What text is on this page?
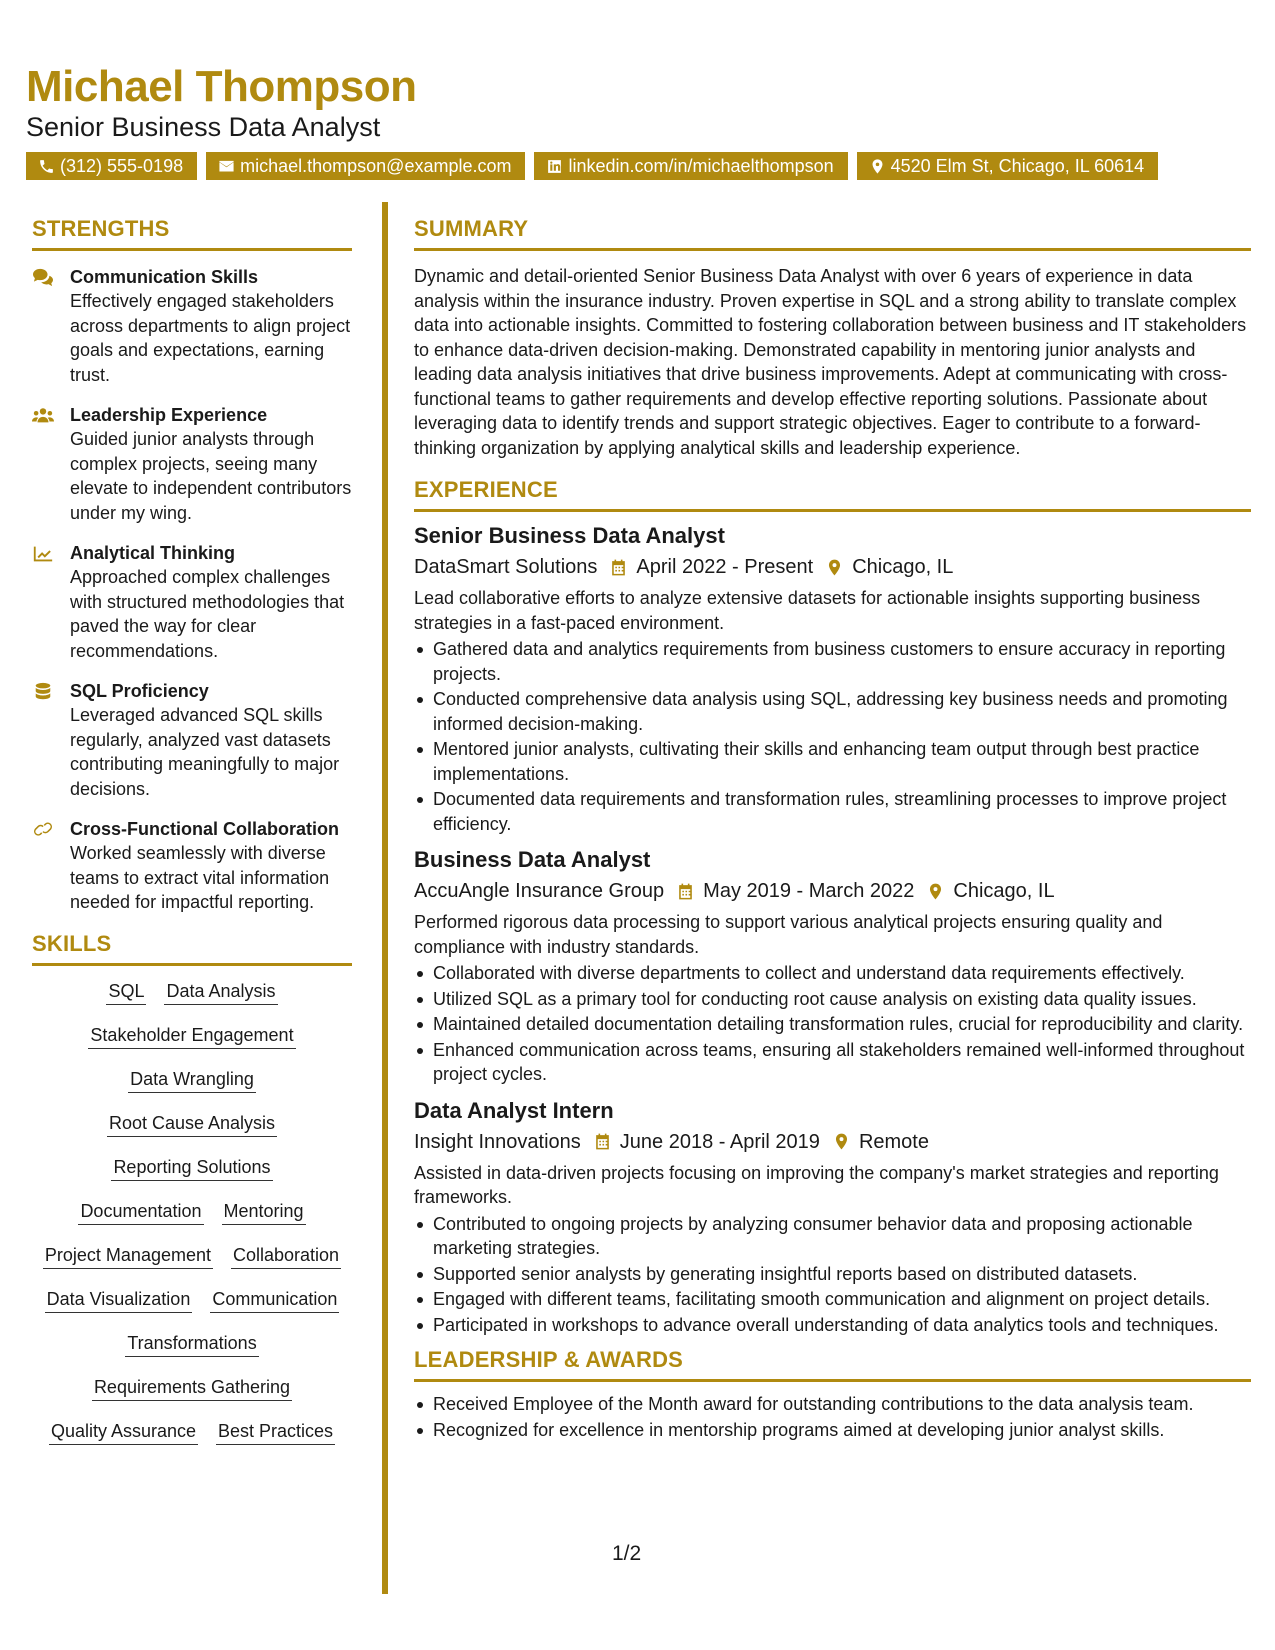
Michael Thompson
Senior Business Data Analyst
(312) 555-0198	michael.thompson@example.com	linkedin.com/in/michaelthompson	4520 Elm St, Chicago, IL 60614
STRENGTHS
Communication Skills
Effectively engaged stakeholders across departments to align project goals and expectations, earning trust.
Leadership Experience
Guided junior analysts through complex projects, seeing many elevate to independent contributors under my wing.
Analytical Thinking
Approached complex challenges with structured methodologies that paved the way for clear recommendations.
SQL Proficiency
Leveraged advanced SQL skills regularly, analyzed vast datasets contributing meaningfully to major decisions.
Cross-Functional Collaboration
Worked seamlessly with diverse teams to extract vital information needed for impactful reporting.
SKILLS
SQL Data Analysis
Stakeholder Engagement
Data Wrangling
Root Cause Analysis
Reporting Solutions
Documentation Mentoring
Project Management Collaboration
Data Visualization Communication
Transformations
Requirements Gathering
Quality Assurance Best Practices
SUMMARY

Dynamic and detail-oriented Senior Business Data Analyst with over 6 years of experience in data analysis within the insurance industry. Proven expertise in SQL and a strong ability to translate complex data into actionable insights. Committed to fostering collaboration between business and IT stakeholders to enhance data-driven decision-making. Demonstrated capability in mentoring junior analysts and leading data analysis initiatives that drive business improvements. Adept at communicating with cross-functional teams to gather requirements and develop effective reporting solutions. Passionate about leveraging data to identify trends and support strategic objectives. Eager to contribute to a forward-thinking organization by applying analytical skills and leadership experience.

EXPERIENCE
Senior Business Data Analyst
DataSmart Solutions April 2022 - Present Chicago, IL

Lead collaborative efforts to analyze extensive datasets for actionable insights supporting business strategies in a fast-paced environment.

Gathered data and analytics requirements from business customers to ensure accuracy in reporting projects.
Conducted comprehensive data analysis using SQL, addressing key business needs and promoting informed decision-making.
Mentored junior analysts, cultivating their skills and enhancing team output through best practice implementations.
Documented data requirements and transformation rules, streamlining processes to improve project efficiency.
Business Data Analyst
AccuAngle Insurance Group May 2019 - March 2022 Chicago, IL

Performed rigorous data processing to support various analytical projects ensuring quality and compliance with industry standards.

Collaborated with diverse departments to collect and understand data requirements effectively.
Utilized SQL as a primary tool for conducting root cause analysis on existing data quality issues.
Maintained detailed documentation detailing transformation rules, crucial for reproducibility and clarity.
Enhanced communication across teams, ensuring all stakeholders remained well-informed throughout project cycles.
Data Analyst Intern
Insight Innovations June 2018 - April 2019 Remote

Assisted in data-driven projects focusing on improving the company's market strategies and reporting frameworks.

Contributed to ongoing projects by analyzing consumer behavior data and proposing actionable marketing strategies.
Supported senior analysts by generating insightful reports based on distributed datasets.
Engaged with different teams, facilitating smooth communication and alignment on project details.
Participated in workshops to advance overall understanding of data analytics tools and techniques.
LEADERSHIP & AWARDS
Received Employee of the Month award for outstanding contributions to the data analysis team.
Recognized for excellence in mentorship programs aimed at developing junior analyst skills.
1/2
